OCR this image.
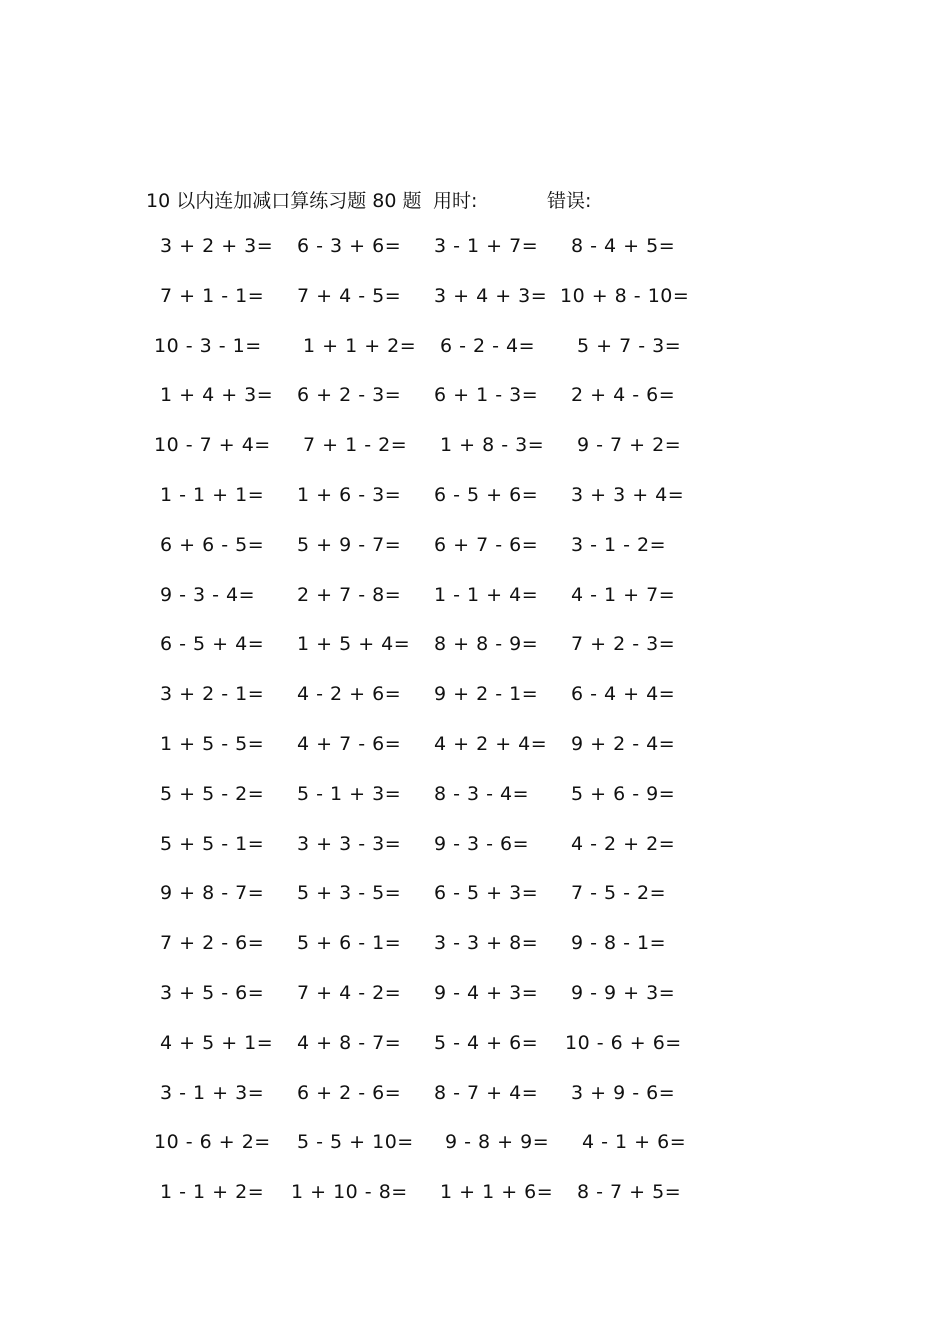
10 以内连加减口算练习题 80 题 用时:	错误:
3 + 2 + 3= 6 - 3 + 6= 3 - 1 + 7= 8 - 4 + 5=
7 + 1 - 1= 7 + 4 - 5= 3 + 4 + 3= 10 + 8 - 10=
10 - 3 - 1= 1 + 1 + 2= 6 - 2 - 4= 5 + 7 - 3=
1 + 4 + 3= 6 + 2 - 3= 6 + 1 - 3= 2 + 4 - 6=
10 - 7 + 4= 7 + 1 - 2= 1 + 8 - 3= 9 - 7 + 2=
1 - 1 + 1= 1 + 6 - 3= 6 - 5 + 6= 3 + 3 + 4=
6 + 6 - 5= 5 + 9 - 7= 6 + 7 - 6= 3 - 1 - 2=
9 - 3 - 4= 2 + 7 - 8= 1 - 1 + 4= 4 - 1 + 7=
6 - 5 + 4= 1 + 5 + 4= 8 + 8 - 9= 7 + 2 - 3=
3 + 2 - 1= 4 - 2 + 6= 9 + 2 - 1= 6 - 4 + 4=
1 + 5 - 5= 4 + 7 - 6= 4 + 2 + 4= 9 + 2 - 4=
5 + 5 - 2= 5 - 1 + 3= 8 - 3 - 4= 5 + 6 - 9=
5 + 5 - 1= 3 + 3 - 3= 9 - 3 - 6= 4 - 2 + 2=
9 + 8 - 7= 5 + 3 - 5= 6 - 5 + 3= 7 - 5 - 2=
7 + 2 - 6= 5 + 6 - 1= 3 - 3 + 8= 9 - 8 - 1=
3 + 5 - 6= 7 + 4 - 2= 9 - 4 + 3= 9 - 9 + 3=
4 + 5 + 1= 4 + 8 - 7= 5 - 4 + 6= 10 - 6 + 6=
3 - 1 + 3= 6 + 2 - 6= 8 - 7 + 4= 3 + 9 - 6=
10 - 6 + 2= 5 - 5 + 10= 9 - 8 + 9= 4 - 1 + 6=
1 - 1 + 2= 1 + 10 - 8= 1 + 1 + 6= 8 - 7 + 5=
